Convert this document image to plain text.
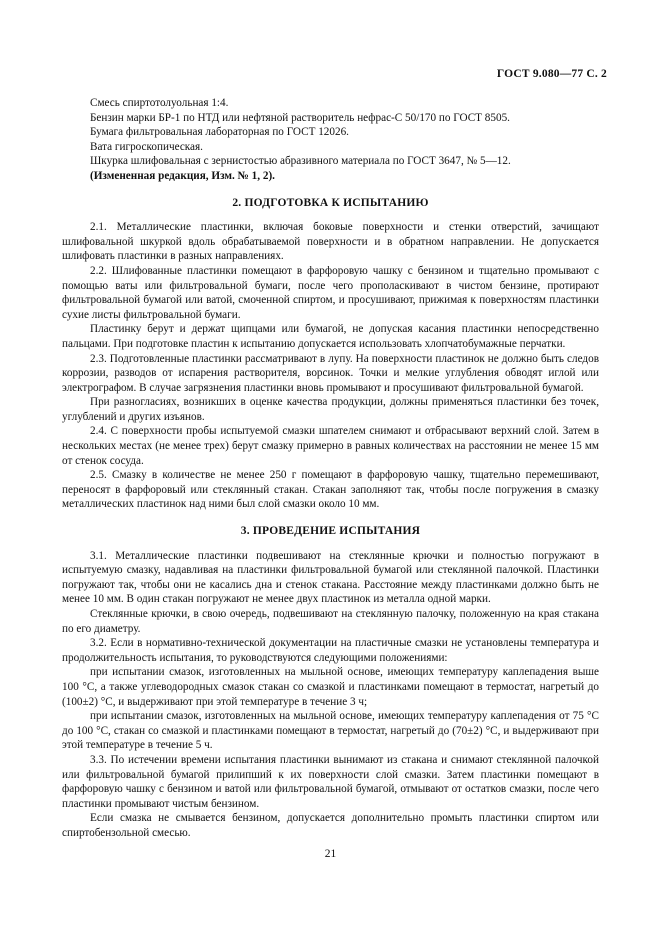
ГОСТ 9.080—77 С. 2

Смесь спиртотолуольная 1:4.

Бензин марки БР-1 по НТД или нефтяной растворитель нефрас-С 50/170 по ГОСТ 8505.

Бумага фильтровальная лабораторная по ГОСТ 12026.

Вата гигроскопическая.

Шкурка шлифовальная с зернистостью абразивного материала по ГОСТ 3647, № 5—12.

(Измененная редакция, Изм. № 1, 2).

2. ПОДГОТОВКА К ИСПЫТАНИЮ

2.1. Металлические пластинки, включая боковые поверхности и стенки отверстий, зачищают шлифовальной шкуркой вдоль обрабатываемой поверхности и в обратном направлении. Не допускается шлифовать пластинки в разных направлениях.

2.2. Шлифованные пластинки помещают в фарфоровую чашку с бензином и тщательно промывают с помощью ваты или фильтровальной бумаги, после чего прополаскивают в чистом бензине, протирают фильтровальной бумагой или ватой, смоченной спиртом, и просушивают, прижимая к поверхностям пластинки сухие листы фильтровальной бумаги.

Пластинку берут и держат щипцами или бумагой, не допуская касания пластинки непосредственно пальцами. При подготовке пластин к испытанию допускается использовать хлопчатобумажные перчатки.

2.3. Подготовленные пластинки рассматривают в лупу. На поверхности пластинок не должно быть следов коррозии, разводов от испарения растворителя, ворсинок. Точки и мелкие углубления обводят иглой или электрографом. В случае загрязнения пластинки вновь промывают и просушивают фильтровальной бумагой.

При разногласиях, возникших в оценке качества продукции, должны применяться пластинки без точек, углублений и других изъянов.

2.4. С поверхности пробы испытуемой смазки шпателем снимают и отбрасывают верхний слой. Затем в нескольких местах (не менее трех) берут смазку примерно в равных количествах на расстоянии не менее 15 мм от стенок сосуда.

2.5. Смазку в количестве не менее 250 г помещают в фарфоровую чашку, тщательно перемешивают, переносят в фарфоровый или стеклянный стакан. Стакан заполняют так, чтобы после погружения в смазку металлических пластинок над ними был слой смазки около 10 мм.

3. ПРОВЕДЕНИЕ ИСПЫТАНИЯ

3.1. Металлические пластинки подвешивают на стеклянные крючки и полностью погружают в испытуемую смазку, надавливая на пластинки фильтровальной бумагой или стеклянной палочкой. Пластинки погружают так, чтобы они не касались дна и стенок стакана. Расстояние между пластинками должно быть не менее 10 мм. В один стакан погружают не менее двух пластинок из металла одной марки.

Стеклянные крючки, в свою очередь, подвешивают на стеклянную палочку, положенную на края стакана по его диаметру.

3.2. Если в нормативно-технической документации на пластичные смазки не установлены температура и продолжительность испытания, то руководствуются следующими положениями:

при испытании смазок, изготовленных на мыльной основе, имеющих температуру каплепадения выше 100 °С, а также углеводородных смазок стакан со смазкой и пластинками помещают в термостат, нагретый до (100±2) °С, и выдерживают при этой температуре в течение 3 ч;

при испытании смазок, изготовленных на мыльной основе, имеющих температуру каплепадения от 75 °С до 100 °С, стакан со смазкой и пластинками помещают в термостат, нагретый до (70±2) °С, и выдерживают при этой температуре в течение 5 ч.

3.3. По истечении времени испытания пластинки вынимают из стакана и снимают стеклянной палочкой или фильтровальной бумагой прилипший к их поверхности слой смазки. Затем пластинки помещают в фарфоровую чашку с бензином и ватой или фильтровальной бумагой, отмывают от остатков смазки, после чего пластинки промывают чистым бензином.

Если смазка не смывается бензином, допускается дополнительно промыть пластинки спиртом или спиртобензольной смесью.

21
